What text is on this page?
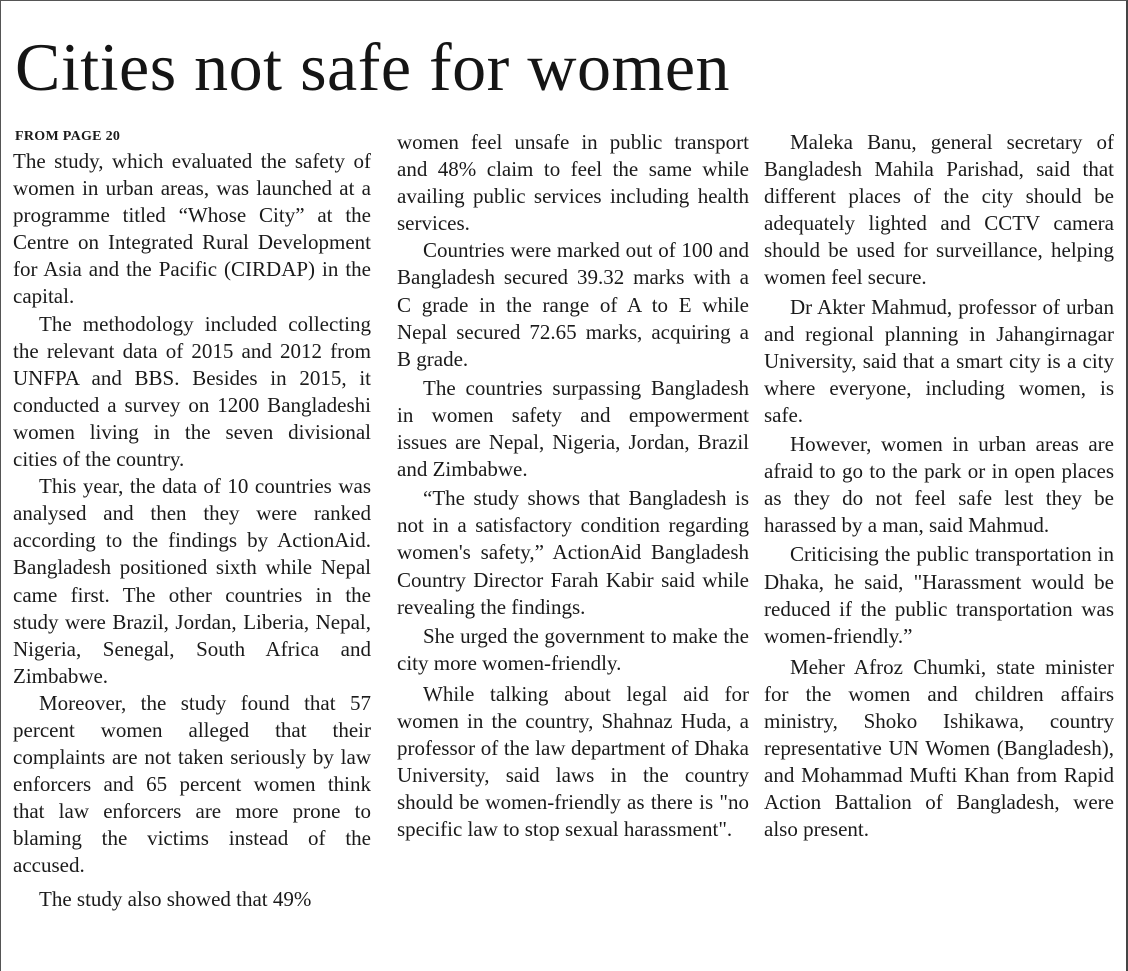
Cities not safe for women
FROM PAGE 20

The study, which evaluated the safety of women in urban areas, was launched at a programme titled “Whose City” at the Centre on Integrated Rural Development for Asia and the Pacific (CIRDAP) in the capital.

The methodology included collecting the relevant data of 2015 and 2012 from UNFPA and BBS. Besides in 2015, it conducted a survey on 1200 Bangladeshi women living in the seven divisional cities of the country.

This year, the data of 10 countries was analysed and then they were ranked according to the findings by ActionAid. Bangladesh positioned sixth while Nepal came first. The other countries in the study were Brazil, Jordan, Liberia, Nepal, Nigeria, Senegal, South Africa and Zimbabwe.

Moreover, the study found that 57 percent women alleged that their complaints are not taken seriously by law enforcers and 65 percent women think that law enforcers are more prone to blaming the victims instead of the accused.

The study also showed that 49%

women feel unsafe in public transport and 48% claim to feel the same while availing public services including health services.

Countries were marked out of 100 and Bangladesh secured 39.32 marks with a C grade in the range of A to E while Nepal secured 72.65 marks, acquiring a B grade.

The countries surpassing Bangladesh in women safety and empowerment issues are Nepal, Nigeria, Jordan, Brazil and Zimbabwe.

“The study shows that Bangladesh is not in a satisfactory condition regarding women's safety,” ActionAid Bangladesh Country Director Farah Kabir said while revealing the findings.

She urged the government to make the city more women-friendly.

While talking about legal aid for women in the country, Shahnaz Huda, a professor of the law department of Dhaka University, said laws in the country should be women-friendly as there is "no specific law to stop sexual harassment".

Maleka Banu, general secretary of Bangladesh Mahila Parishad, said that different places of the city should be adequately lighted and CCTV camera should be used for surveillance, helping women feel secure.

Dr Akter Mahmud, professor of urban and regional planning in Jahangirnagar University, said that a smart city is a city where everyone, including women, is safe.

However, women in urban areas are afraid to go to the park or in open places as they do not feel safe lest they be harassed by a man, said Mahmud.

Criticising the public transportation in Dhaka, he said, "Harassment would be reduced if the public transportation was women-friendly.”

Meher Afroz Chumki, state minister for the women and children affairs ministry, Shoko Ishikawa, country representative UN Women (Bangladesh), and Mohammad Mufti Khan from Rapid Action Battalion of Bangladesh, were also present.
